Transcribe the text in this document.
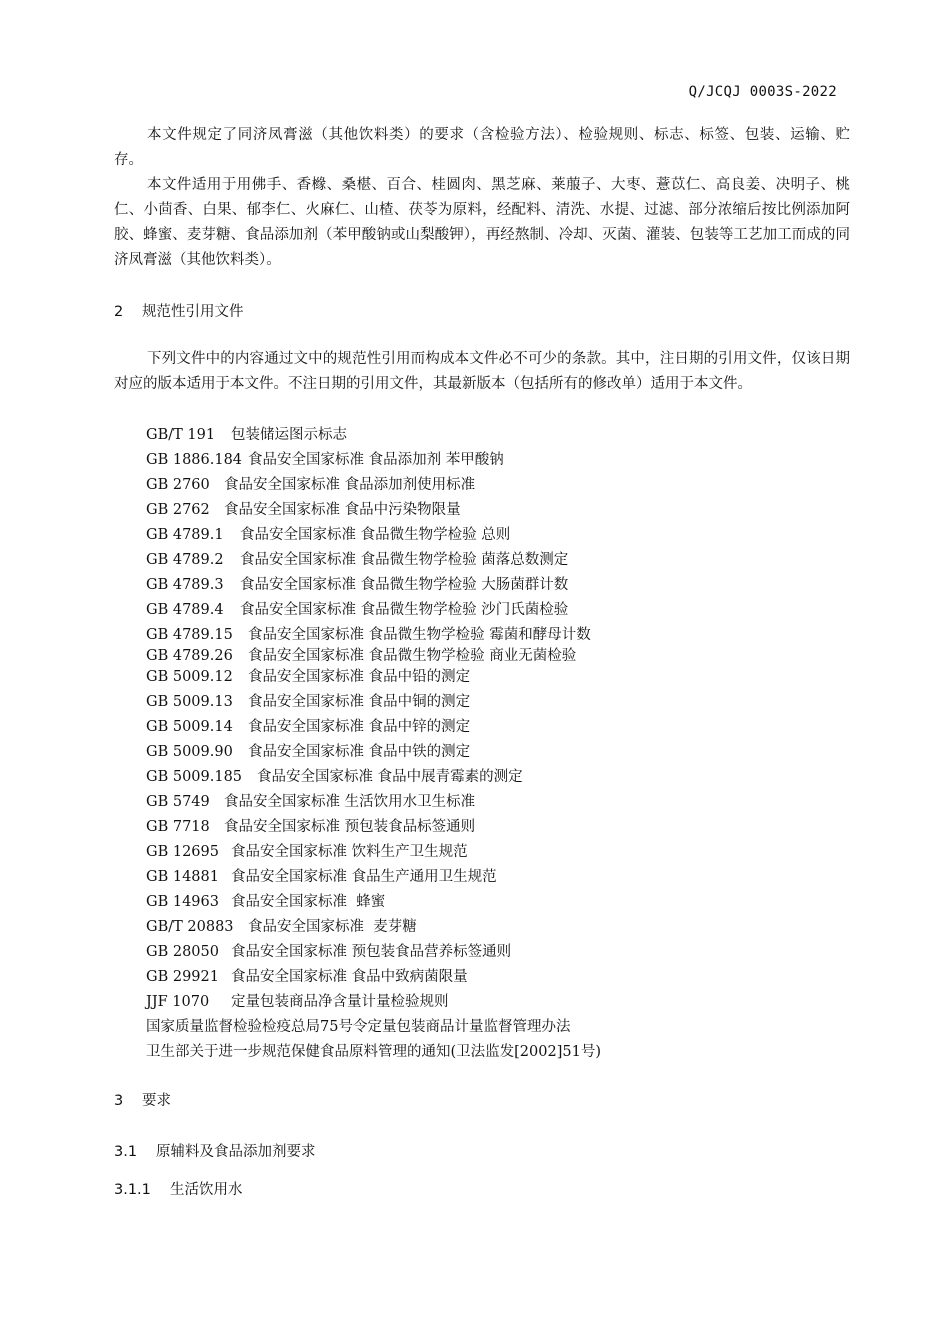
Q/JCQJ 0003S-2022

本文件规定了同济凤膏滋（其他饮料类）的要求（含检验方法）、检验规则、标志、标签、包装、运输、贮存。

本文件适用于用佛手、香橼、桑椹、百合、桂圆肉、黑芝麻、莱菔子、大枣、薏苡仁、高良姜、决明子、桃仁、小茴香、白果、郁李仁、火麻仁、山楂、茯苓为原料，经配料、清洗、水提、过滤、部分浓缩后按比例添加阿胶、蜂蜜、麦芽糖、食品添加剂（苯甲酸钠或山梨酸钾），再经熬制、冷却、灭菌、灌装、包装等工艺加工而成的同济凤膏滋（其他饮料类）。

2 规范性引用文件

下列文件中的内容通过文中的规范性引用而构成本文件必不可少的条款。其中，注日期的引用文件，仅该日期对应的版本适用于本文件。不注日期的引用文件，其最新版本（包括所有的修改单）适用于本文件。

GB/T 191 包装储运图示标志
GB 1886.184 食品安全国家标准 食品添加剂 苯甲酸钠
GB 2760 食品安全国家标准 食品添加剂使用标准
GB 2762 食品安全国家标准 食品中污染物限量
GB 4789.1 食品安全国家标准 食品微生物学检验 总则
GB 4789.2 食品安全国家标准 食品微生物学检验 菌落总数测定
GB 4789.3 食品安全国家标准 食品微生物学检验 大肠菌群计数
GB 4789.4 食品安全国家标准 食品微生物学检验 沙门氏菌检验
GB 4789.15 食品安全国家标准 食品微生物学检验 霉菌和酵母计数
GB 4789.26 食品安全国家标准 食品微生物学检验 商业无菌检验
GB 5009.12 食品安全国家标准 食品中铅的测定
GB 5009.13 食品安全国家标准 食品中铜的测定
GB 5009.14 食品安全国家标准 食品中锌的测定
GB 5009.90 食品安全国家标准 食品中铁的测定
GB 5009.185 食品安全国家标准 食品中展青霉素的测定
GB 5749 食品安全国家标准 生活饮用水卫生标准
GB 7718 食品安全国家标准 预包装食品标签通则
GB 12695 食品安全国家标准 饮料生产卫生规范
GB 14881 食品安全国家标准 食品生产通用卫生规范
GB 14963 食品安全国家标准  蜂蜜
GB/T 20883 食品安全国家标准  麦芽糖
GB 28050 食品安全国家标准 预包装食品营养标签通则
GB 29921 食品安全国家标准 食品中致病菌限量
JJF 1070 定量包装商品净含量计量检验规则
国家质量监督检验检疫总局75号令定量包装商品计量监督管理办法
卫生部关于进一步规范保健食品原料管理的通知(卫法监发[2002]51号)
3 要求
3.1 原辅料及食品添加剂要求
3.1.1 生活饮用水
